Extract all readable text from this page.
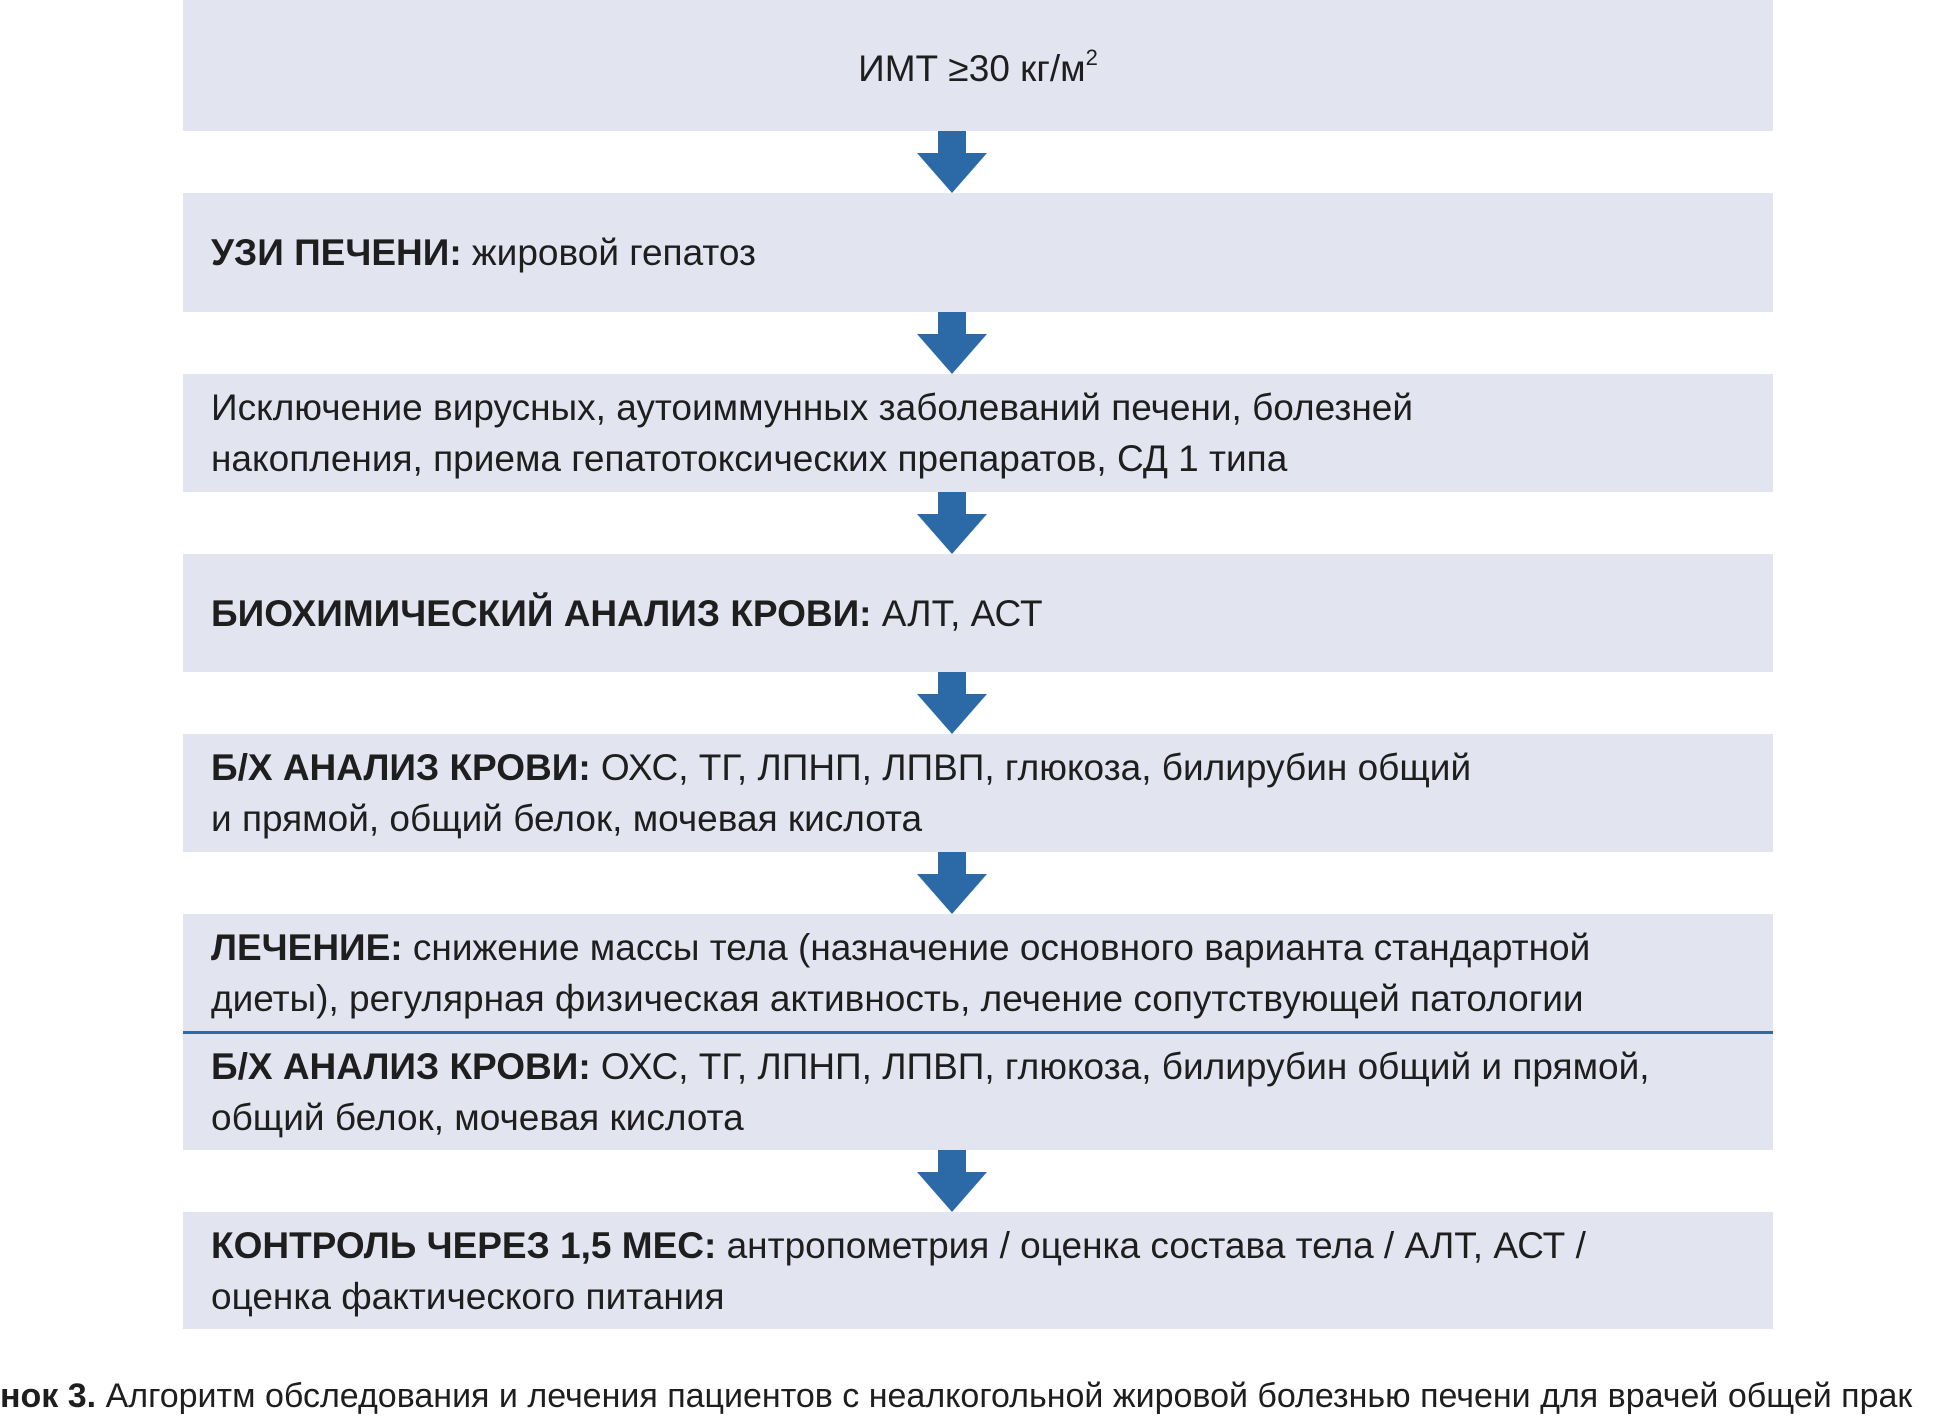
ИМТ ≥30 $кг/м^2$
УЗИ ПЕЧЕНИ: жировой гепатоз
Исключение вирусных, аутоиммунных заболеваний печени, болезней
накопления, приема гепатотоксических препаратов, СД 1 типа
БИОХИМИЧЕСКИЙ АНАЛИЗ КРОВИ: АЛТ, АСТ
Б/Х АНАЛИЗ КРОВИ: ОХС, ТГ, ЛПНП, ЛПВП, глюкоза, билирубин общий
и прямой, общий белок, мочевая кислота
ЛЕЧЕНИЕ: снижение массы тела (назначение основного варианта стандартной
диеты), регулярная физическая активность, лечение сопутствующей патологии
Б/Х АНАЛИЗ КРОВИ: ОХС, ТГ, ЛПНП, ЛПВП, глюкоза, билирубин общий и прямой,
общий белок, мочевая кислота
КОНТРОЛЬ ЧЕРЕЗ 1,5 МЕС: антропометрия / оценка состава тела / АЛТ, АСТ /
оценка фактического питания
нок 3. Алгоритм обследования и лечения пациентов с неалкогольной жировой болезнью печени для врачей общей прак
